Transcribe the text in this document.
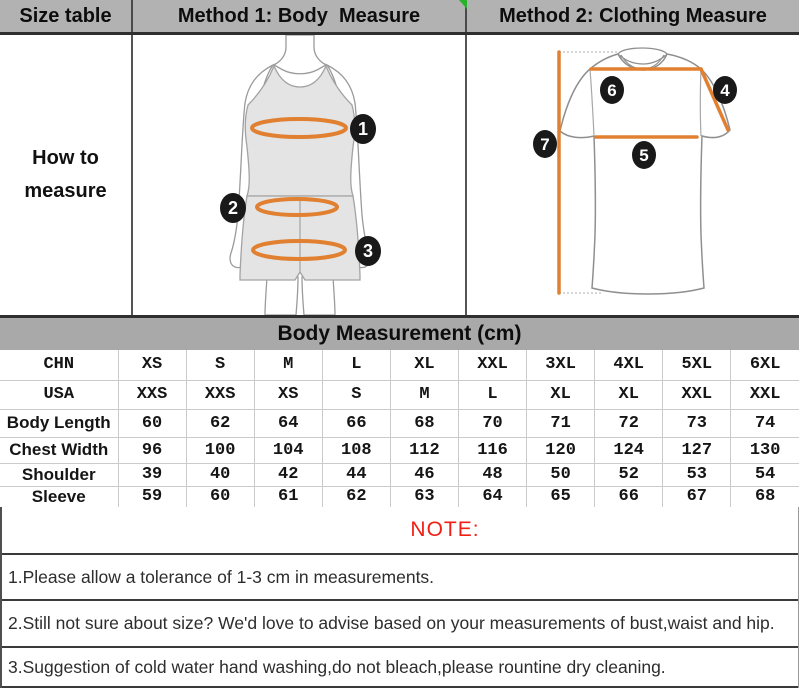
Size table	Method 1: Body  Measure	Method 2: Clothing Measure
How to
measure
1
2
3
4
5
6
7
Body Measurement (cm)
CHN	XS	S	M	L	XL	XXL	3XL	4XL	5XL	6XL
USA	XXS	XXS	XS	S	M	L	XL	XL	XXL	XXL
Body Length	60	62	64	66	68	70	71	72	73	74
Chest Width	96	100	104	108	112	116	120	124	127	130
Shoulder	39	40	42	44	46	48	50	52	53	54
Sleeve	59	60	61	62	63	64	65	66	67	68
NOTE:
1.Please allow a tolerance of 1-3 cm in measurements.
2.Still not sure about size? We'd love to advise based on your measurements of bust,waist and hip.
3.Suggestion of cold water hand washing,do not bleach,please rountine dry cleaning.
